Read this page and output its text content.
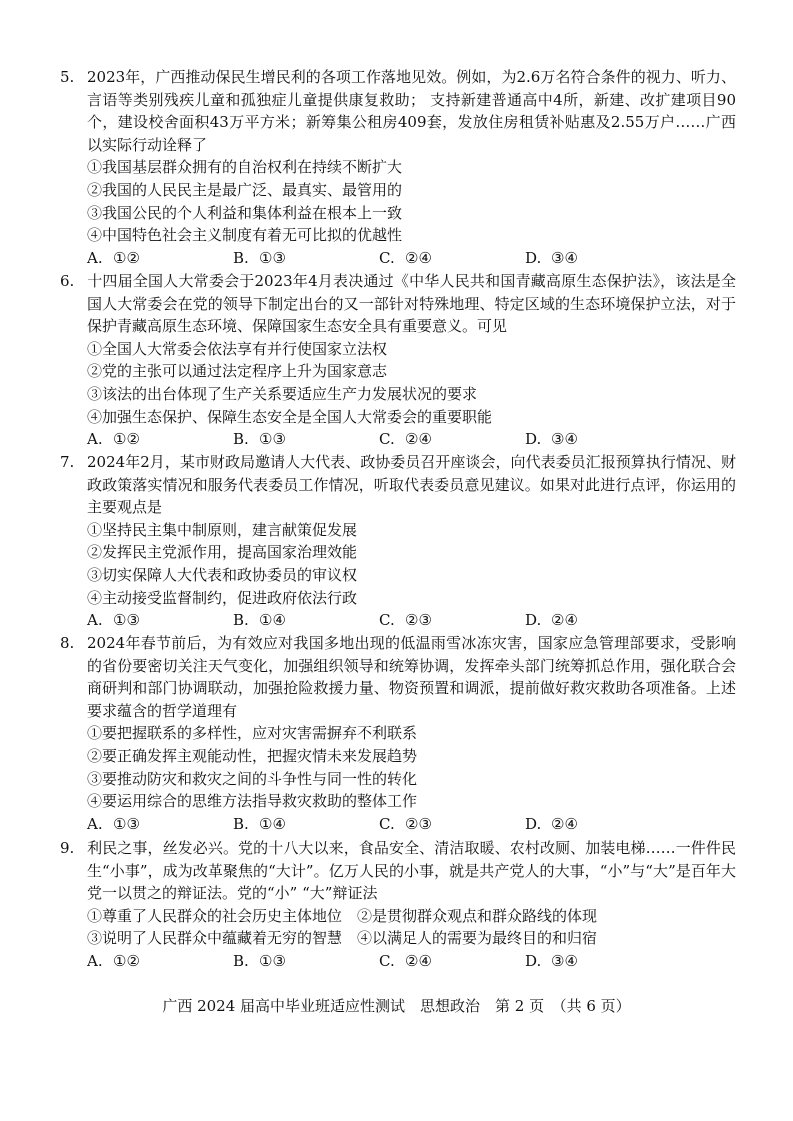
5. 2023年，广西推动保民生增民利的各项工作落地见效。例如，为2.6万名符合条件的视力、听力、言语等类别残疾儿童和孤独症儿童提供康复救助； 支持新建普通高中4所，新建、改扩建项目90个，建设校舍面积43万平方米；新筹集公租房409套，发放住房租赁补贴惠及2.55万户……广西以实际行动诠释了

①我国基层群众拥有的自治权利在持续不断扩大
②我国的人民民主是最广泛、最真实、最管用的
③我国公民的个人利益和集体利益在根本上一致
④中国特色社会主义制度有着无可比拟的优越性
A. ①②	B. ①③	C. ②④	D. ③④

6. 十四届全国人大常委会于2023年4月表决通过《中华人民共和国青藏高原生态保护法》，该法是全国人大常委会在党的领导下制定出台的又一部针对特殊地理、特定区域的生态环境保护立法，对于保护青藏高原生态环境、保障国家生态安全具有重要意义。可见

①全国人大常委会依法享有并行使国家立法权
②党的主张可以通过法定程序上升为国家意志
③该法的出台体现了生产关系要适应生产力发展状况的要求
④加强生态保护、保障生态安全是全国人大常委会的重要职能
A. ①②	B. ①③	C. ②④	D. ③④

7. 2024年2月，某市财政局邀请人大代表、政协委员召开座谈会，向代表委员汇报预算执行情况、财政政策落实情况和服务代表委员工作情况，听取代表委员意见建议。如果对此进行点评，你运用的主要观点是

①坚持民主集中制原则，建言献策促发展
②发挥民主党派作用，提高国家治理效能
③切实保障人大代表和政协委员的审议权
④主动接受监督制约，促进政府依法行政
A. ①③	B. ①④	C. ②③	D. ②④

8. 2024年春节前后，为有效应对我国多地出现的低温雨雪冰冻灾害，国家应急管理部要求，受影响的省份要密切关注天气变化，加强组织领导和统筹协调，发挥牵头部门统筹抓总作用，强化联合会商研判和部门协调联动，加强抢险救援力量、物资预置和调派，提前做好救灾救助各项准备。上述要求蕴含的哲学道理有

①要把握联系的多样性，应对灾害需摒弃不利联系
②要正确发挥主观能动性，把握灾情未来发展趋势
③要推动防灾和救灾之间的斗争性与同一性的转化
④要运用综合的思维方法指导救灾救助的整体工作
A. ①③	B. ①④	C. ②③	D. ②④

9. 利民之事，丝发必兴。党的十八大以来，食品安全、清洁取暖、农村改厕、加装电梯……一件件民生“小事”，成为改革聚焦的“大计”。亿万人民的小事，就是共产党人的大事，“小”与“大”是百年大党一以贯之的辩证法。党的“小” “大”辩证法

①尊重了人民群众的社会历史主体地位　②是贯彻群众观点和群众路线的体现
③说明了人民群众中蕴藏着无穷的智慧　④以满足人的需要为最终目的和归宿
A. ①②	B. ①③	C. ②④	D. ③④
广西 2024 届高中毕业班适应性测试　思想政治　第 2 页　（共 6 页）
